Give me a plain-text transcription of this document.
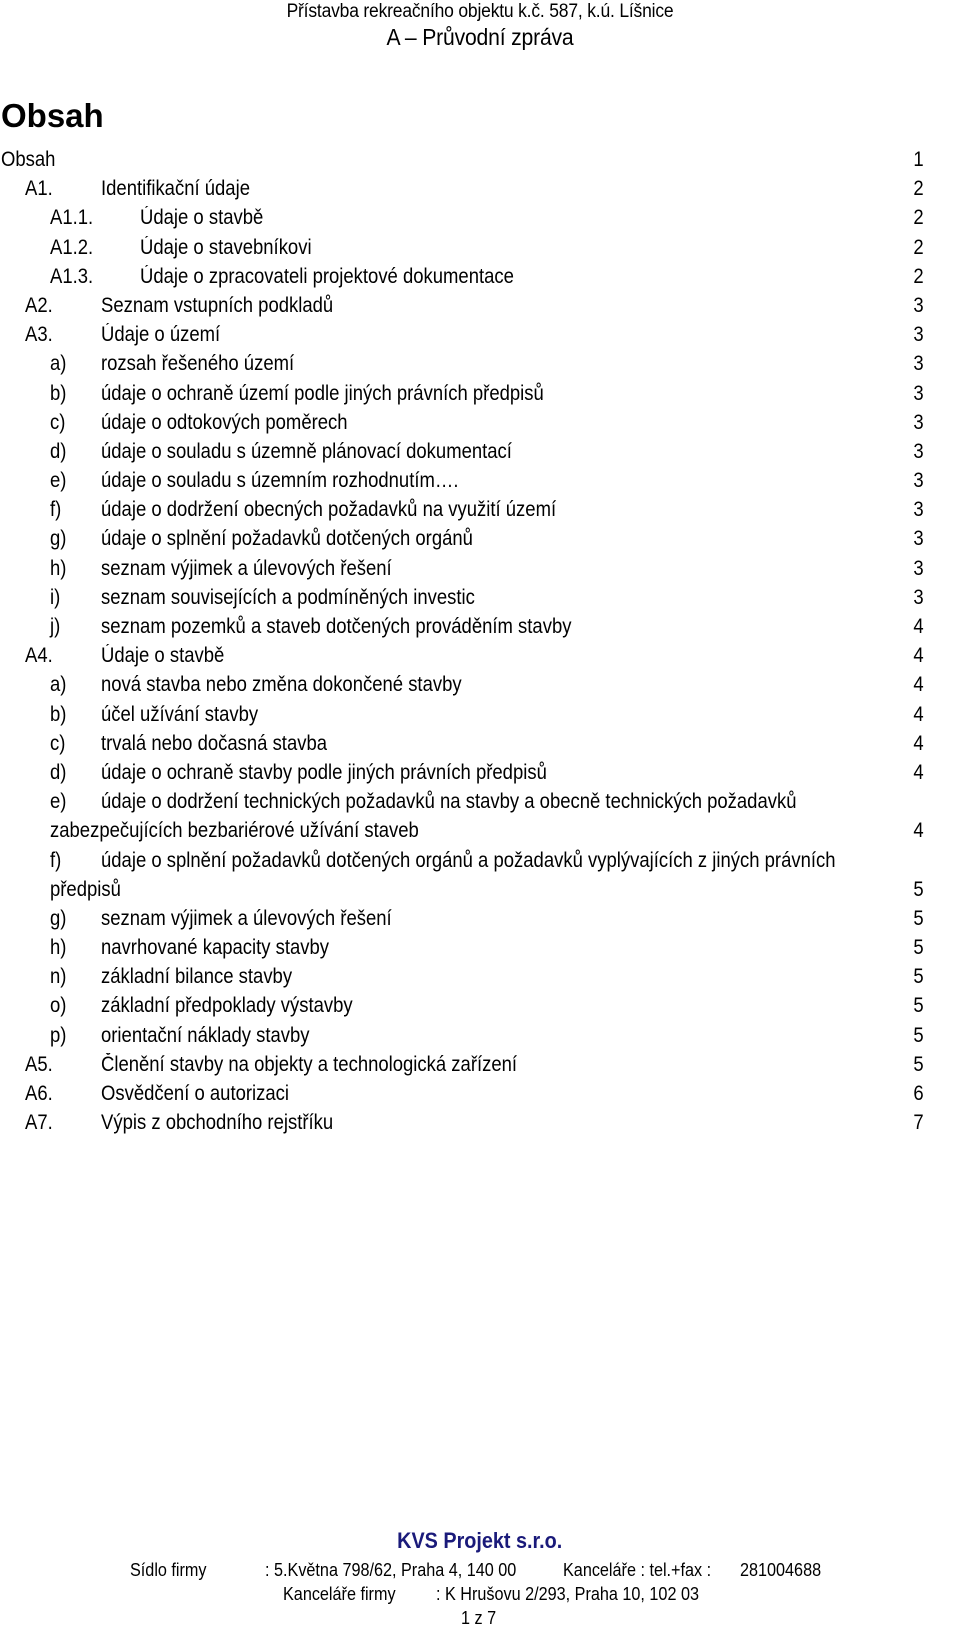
Přístavba rekreačního objektu k.č. 587, k.ú. Líšnice
A – Průvodní zpráva
Obsah
Obsah	1
A1. Identifikační údaje	2
A1.1. Údaje o stavbě	2
A1.2. Údaje o stavebníkovi	2
A1.3. Údaje o zpracovateli projektové dokumentace	2
A2. Seznam vstupních podkladů	3
A3. Údaje o území	3
a) rozsah řešeného území	3
b) údaje o ochraně území podle jiných právních předpisů	3
c) údaje o odtokových poměrech	3
d) údaje o souladu s územně plánovací dokumentací	3
e) údaje o souladu s územním rozhodnutím….	3
f) údaje o dodržení obecných požadavků na využití území	3
g) údaje o splnění požadavků dotčených orgánů	3
h) seznam výjimek a úlevových řešení	3
i) seznam souvisejících a podmíněných investic	3
j) seznam pozemků a staveb dotčených prováděním stavby	4
A4. Údaje o stavbě	4
a) nová stavba nebo změna dokončené stavby	4
b) účel užívání stavby	4
c) trvalá nebo dočasná stavba	4
d) údaje o ochraně stavby podle jiných právních předpisů	4
e) údaje o dodržení technických požadavků na stavby a obecně technických požadavků
zabezpečujících bezbariérové užívání staveb	4
f) údaje o splnění požadavků dotčených orgánů a požadavků vyplývajících z jiných právních
předpisů	5
g) seznam výjimek a úlevových řešení	5
h) navrhované kapacity stavby	5
n) základní bilance stavby	5
o) základní předpoklady výstavby	5
p) orientační náklady stavby	5
A5. Členění stavby na objekty a technologická zařízení	5
A6. Osvědčení o autorizaci	6
A7. Výpis z obchodního rejstříku	7
KVS Projekt s.r.o.
Sídlo firmy	: 5.Května 798/62, Praha 4, 140 00	Kanceláře : tel.+fax : 281004688
Kanceláře firmy : K Hrušovu 2/293, Praha 10, 102 03
1 z 7
